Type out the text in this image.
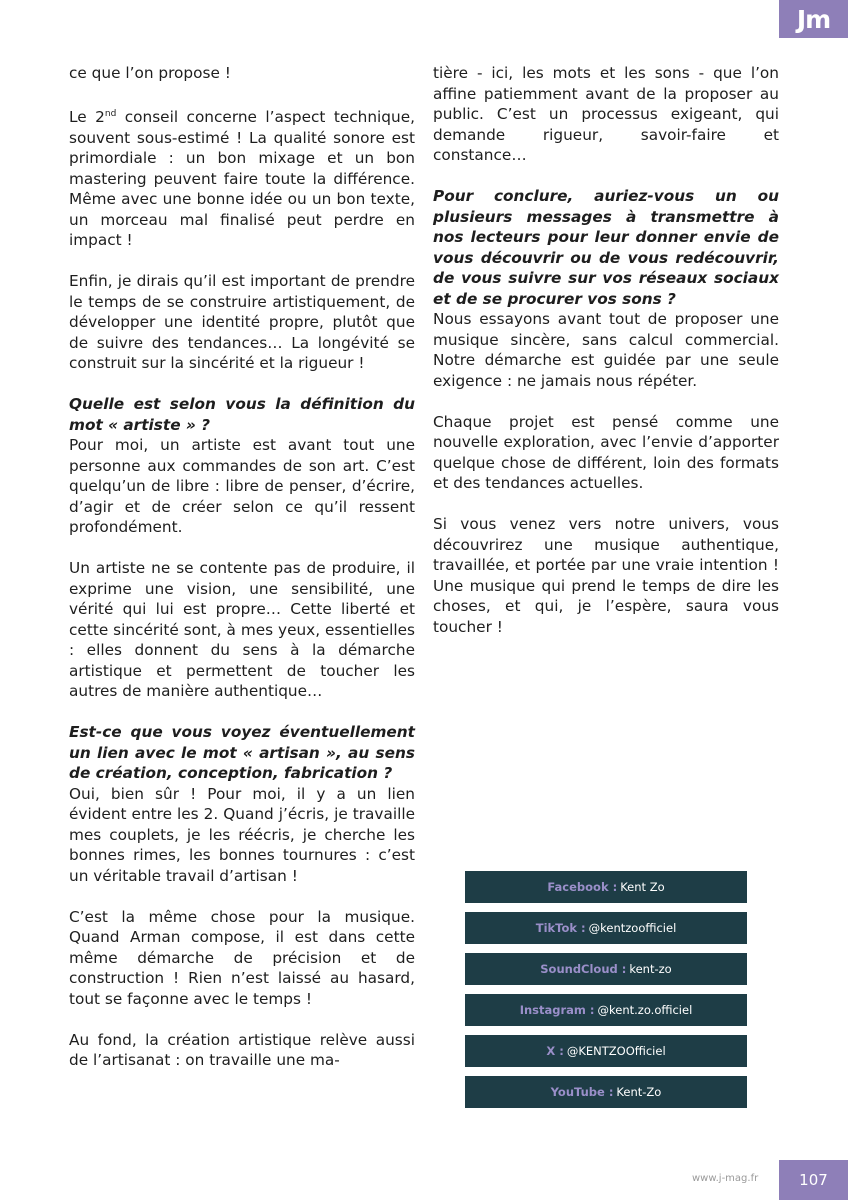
Jm

ce que l’on propose !

Le 2nd conseil concerne l’aspect technique, souvent sous-estimé ! La qualité sonore est primordiale : un bon mixage et un bon mastering peuvent faire toute la différence. Même avec une bonne idée ou un bon texte, un morceau mal finalisé peut perdre en impact !

Enfin, je dirais qu’il est important de prendre le temps de se construire artistiquement, de développer une identité propre, plutôt que de suivre des tendances… La longévité se construit sur la sincérité et la rigueur !

Quelle est selon vous la définition du mot « artiste » ?
Pour moi, un artiste est avant tout une personne aux commandes de son art. C’est quelqu’un de libre : libre de penser, d’écrire, d’agir et de créer selon ce qu’il ressent profondément.

Un artiste ne se contente pas de produire, il exprime une vision, une sensibilité, une vérité qui lui est propre… Cette liberté et cette sincérité sont, à mes yeux, essentielles : elles donnent du sens à la démarche artistique et permettent de toucher les autres de manière authentique…

Est-ce que vous voyez éventuellement un lien avec le mot « artisan », au sens de création, conception, fabrication ?
Oui, bien sûr ! Pour moi, il y a un lien évident entre les 2. Quand j’écris, je travaille mes couplets, je les réécris, je cherche les bonnes rimes, les bonnes tournures : c’est un véritable travail d’artisan !

C’est la même chose pour la musique. Quand Arman compose, il est dans cette même démarche de précision et de construction ! Rien n’est laissé au hasard, tout se façonne avec le temps !

Au fond, la création artistique relève aussi de l’artisanat : on travaille une ma-

tière - ici, les mots et les sons - que l’on affine patiemment avant de la proposer au public. C’est un processus exigeant, qui demande rigueur, savoir-faire et constance…

Pour conclure, auriez-vous un ou plusieurs messages à transmettre à nos lecteurs pour leur donner envie de vous découvrir ou de vous redécouvrir, de vous suivre sur vos réseaux sociaux et de se procurer vos sons ?
Nous essayons avant tout de proposer une musique sincère, sans calcul commercial. Notre démarche est guidée par une seule exigence : ne jamais nous répéter.

Chaque projet est pensé comme une nouvelle exploration, avec l’envie d’apporter quelque chose de différent, loin des formats et des tendances actuelles.

Si vous venez vers notre univers, vous découvrirez une musique authentique, travaillée, et portée par une vraie intention ! Une musique qui prend le temps de dire les choses, et qui, je l’espère, saura vous toucher !

Facebook : Kent Zo
TikTok : @kentzoofficiel
SoundCloud : kent-zo
Instagram : @kent.zo.officiel
X : @KENTZOOfficiel
YouTube : Kent-Zo
www.j-mag.fr	107
